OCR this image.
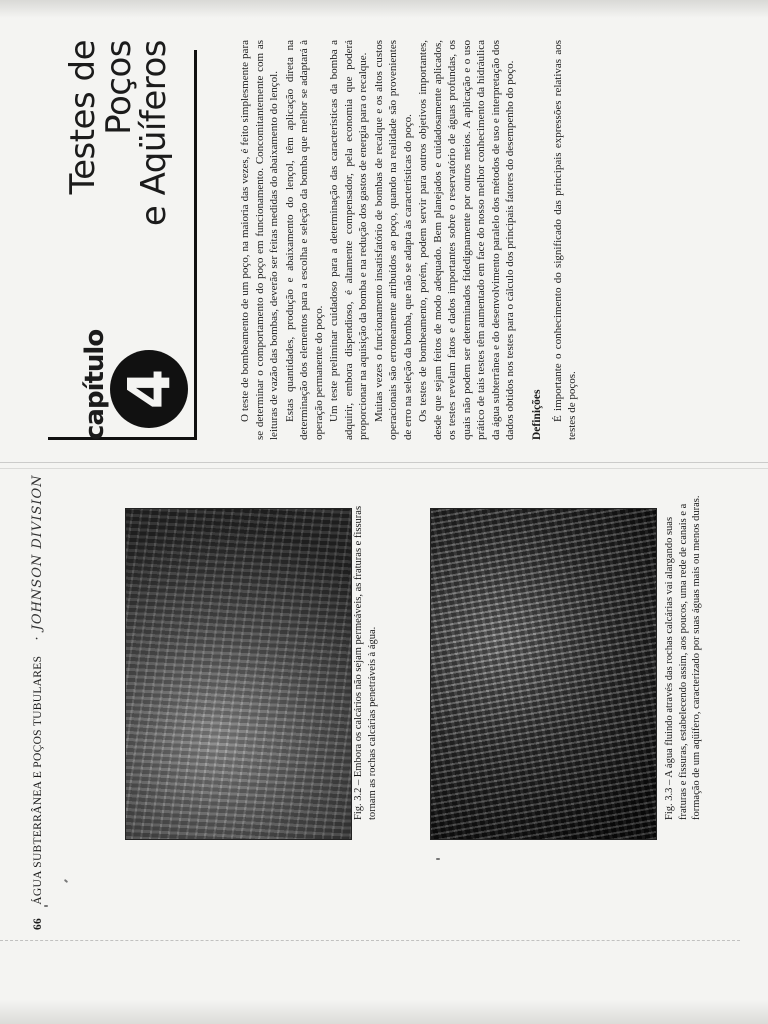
66 ÁGUA SUBTERRÂNEA E POÇOS TUBULARES · JOHNSON DIVISION	Fig. 3.2 – Embora os calcários não sejam permeáveis, as fraturas e fissuras tornam as rochas calcárias penetráveis à água.	Fig. 3.3 – A água fluindo através das rochas calcárias vai alargando suas fraturas e fissuras, estabelecendo assim, aos poucos, uma rede de canais e a formação de um aqüífero, caracterizado por suas águas mais ou menos duras.
capítulo 4
Testes de Poços
e Aqüíferos	O teste de bombeamento de um poço, na maioria das vezes, é feito simplesmente para se determinar o comportamento do poço em funcionamento. Concomitantemente com as leituras de vazão das bombas, deverão ser feitas medidas do abaixamento do lençol. Estas quantidades, produção e abaixamento do lençol, têm aplicação direta na determinação dos elementos para a escolha e seleção da bomba que melhor se adaptará à operação permanente do poço. Um teste preliminar cuidadoso para a determinação das características da bomba a adquirir, embora dispendioso, é altamente compensador, pela economia que poderá proporcionar na aquisição da bomba e na redução dos gastos de energia para o recalque. Muitas vezes o funcionamento insatisfatório de bombas de recalque e os altos custos operacionais são erroneamente atribuídos ao poço, quando na realidade são provenientes de erro na seleção da bomba, que não se adapta às características do poço. Os testes de bombeamento, porém, podem servir para outros objetivos importantes, desde que sejam feitos de modo adequado. Bem planejados e cuidadosamente aplicados, os testes revelam fatos e dados importantes sobre o reservatório de águas profundas, os quais não podem ser determinados fidedignamente por outros meios. A aplicação e o uso prático de tais testes têm aumentado em face do nosso melhor conhecimento da hidráulica da água subterrânea e do desenvolvimento paralelo dos métodos de uso e interpretação dos dados obtidos nos testes para o cálculo dos principais fatores do desempenho do poço. Definições É importante o conhecimento do significado das principais expressões relativas aos testes de poços.
